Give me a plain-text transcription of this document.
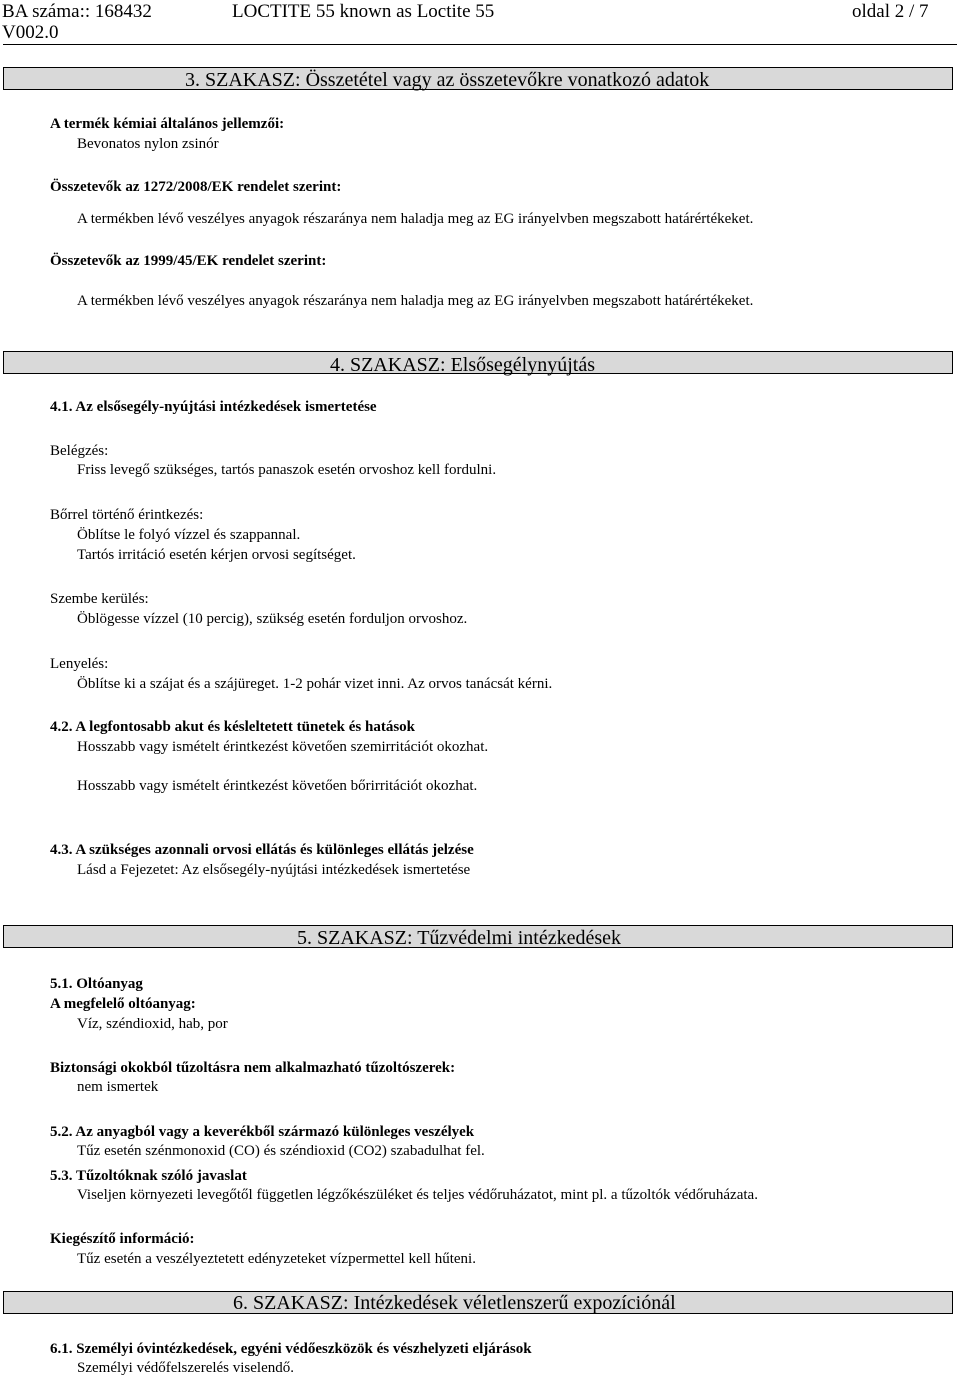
BA száma:: 168432	LOCTITE 55 known as Loctite 55	oldal 2 / 7
V002.0
3. SZAKASZ: Összetétel vagy az összetevőkre vonatkozó adatok
A termék kémiai általános jellemzői:
Bevonatos nylon zsinór
Összetevők az 1272/2008/EK rendelet szerint:
A termékben lévő veszélyes anyagok részaránya nem haladja meg az EG irányelvben megszabott határértékeket.
Összetevők az 1999/45/EK rendelet szerint:
A termékben lévő veszélyes anyagok részaránya nem haladja meg az EG irányelvben megszabott határértékeket.
4. SZAKASZ: Elsősegélynyújtás
4.1. Az elsősegély-nyújtási intézkedések ismertetése
Belégzés:
Friss levegő szükséges, tartós panaszok esetén orvoshoz kell fordulni.
Bőrrel történő érintkezés:
Öblítse le folyó vízzel és szappannal.
Tartós irritáció esetén kérjen orvosi segítséget.
Szembe kerülés:
Öblögesse vízzel (10 percig), szükség esetén forduljon orvoshoz.
Lenyelés:
Öblítse ki a szájat és a szájüreget. 1-2 pohár vizet inni. Az orvos tanácsát kérni.
4.2. A legfontosabb akut és késleltetett tünetek és hatások
Hosszabb vagy ismételt érintkezést követően szemirritációt okozhat.
Hosszabb vagy ismételt érintkezést követően bőrirritációt okozhat.
4.3. A szükséges azonnali orvosi ellátás és különleges ellátás jelzése
Lásd a Fejezetet: Az elsősegély-nyújtási intézkedések ismertetése
5. SZAKASZ: Tűzvédelmi intézkedések
5.1. Oltóanyag
A megfelelő oltóanyag:
Víz, széndioxid, hab, por
Biztonsági okokból tűzoltásra nem alkalmazható tűzoltószerek:
nem ismertek
5.2. Az anyagból vagy a keverékből származó különleges veszélyek
Tűz esetén szénmonoxid (CO) és széndioxid (CO2) szabadulhat fel.
5.3. Tűzoltóknak szóló javaslat
Viseljen környezeti levegőtől független légzőkészüléket és teljes védőruházatot, mint pl. a tűzoltók védőruházata.
Kiegészítő információ:
Tűz esetén a veszélyeztetett edényzeteket vízpermettel kell hűteni.
6. SZAKASZ: Intézkedések véletlenszerű expozíciónál
6.1. Személyi óvintézkedések, egyéni védőeszközök és vészhelyzeti eljárások
Személyi védőfelszerelés viselendő.
